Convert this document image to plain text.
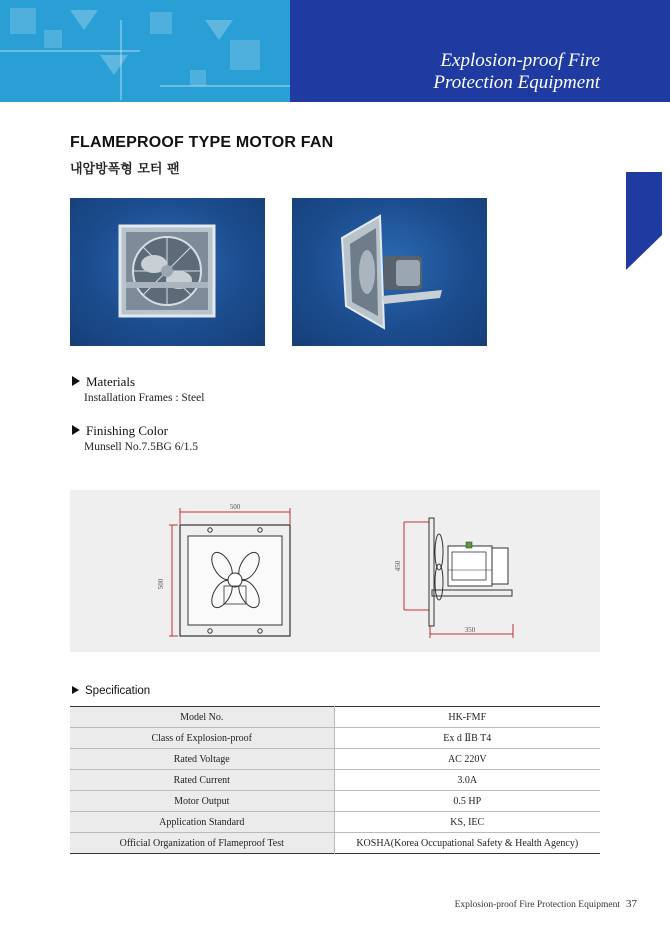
Explosion-proof Fire
Protection Equipment
FLAMEPROOF TYPE MOTOR FAN
내압방폭형 모터 팬
Materials
Installation Frames : Steel
Finishing Color
Munsell No.7.5BG 6/1.5
500
500
450
350
Specification
Model No.	HK-FMF
Class of Explosion-proof	Ex d ⅡB T4
Rated Voltage	AC 220V
Rated Current	3.0A
Motor Output	0.5 HP
Application Standard	KS, IEC
Official Organization of Flameproof Test	KOSHA(Korea Occupational Safety & Health Agency)
Explosion-proof Fire Protection Equipment 37
